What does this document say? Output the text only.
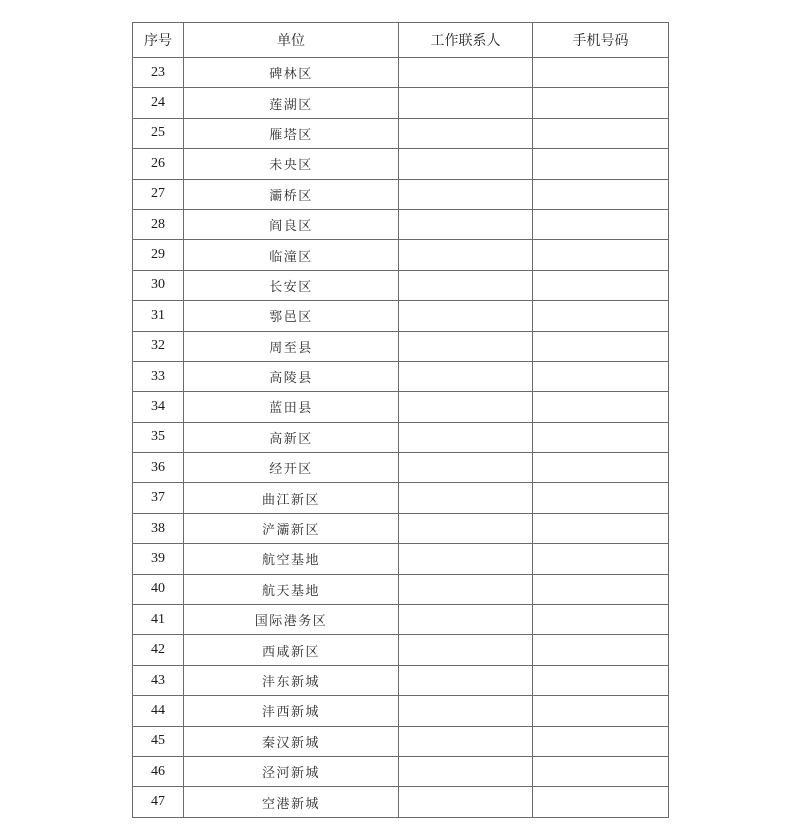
序号	单位	工作联系人	手机号码
23	碑林区		
24	莲湖区		
25	雁塔区		
26	未央区		
27	灞桥区		
28	阎良区		
29	临潼区		
30	长安区		
31	鄠邑区		
32	周至县		
33	高陵县		
34	蓝田县		
35	高新区		
36	经开区		
37	曲江新区		
38	浐灞新区		
39	航空基地		
40	航天基地		
41	国际港务区		
42	西咸新区		
43	沣东新城		
44	沣西新城		
45	秦汉新城		
46	泾河新城		
47	空港新城		
